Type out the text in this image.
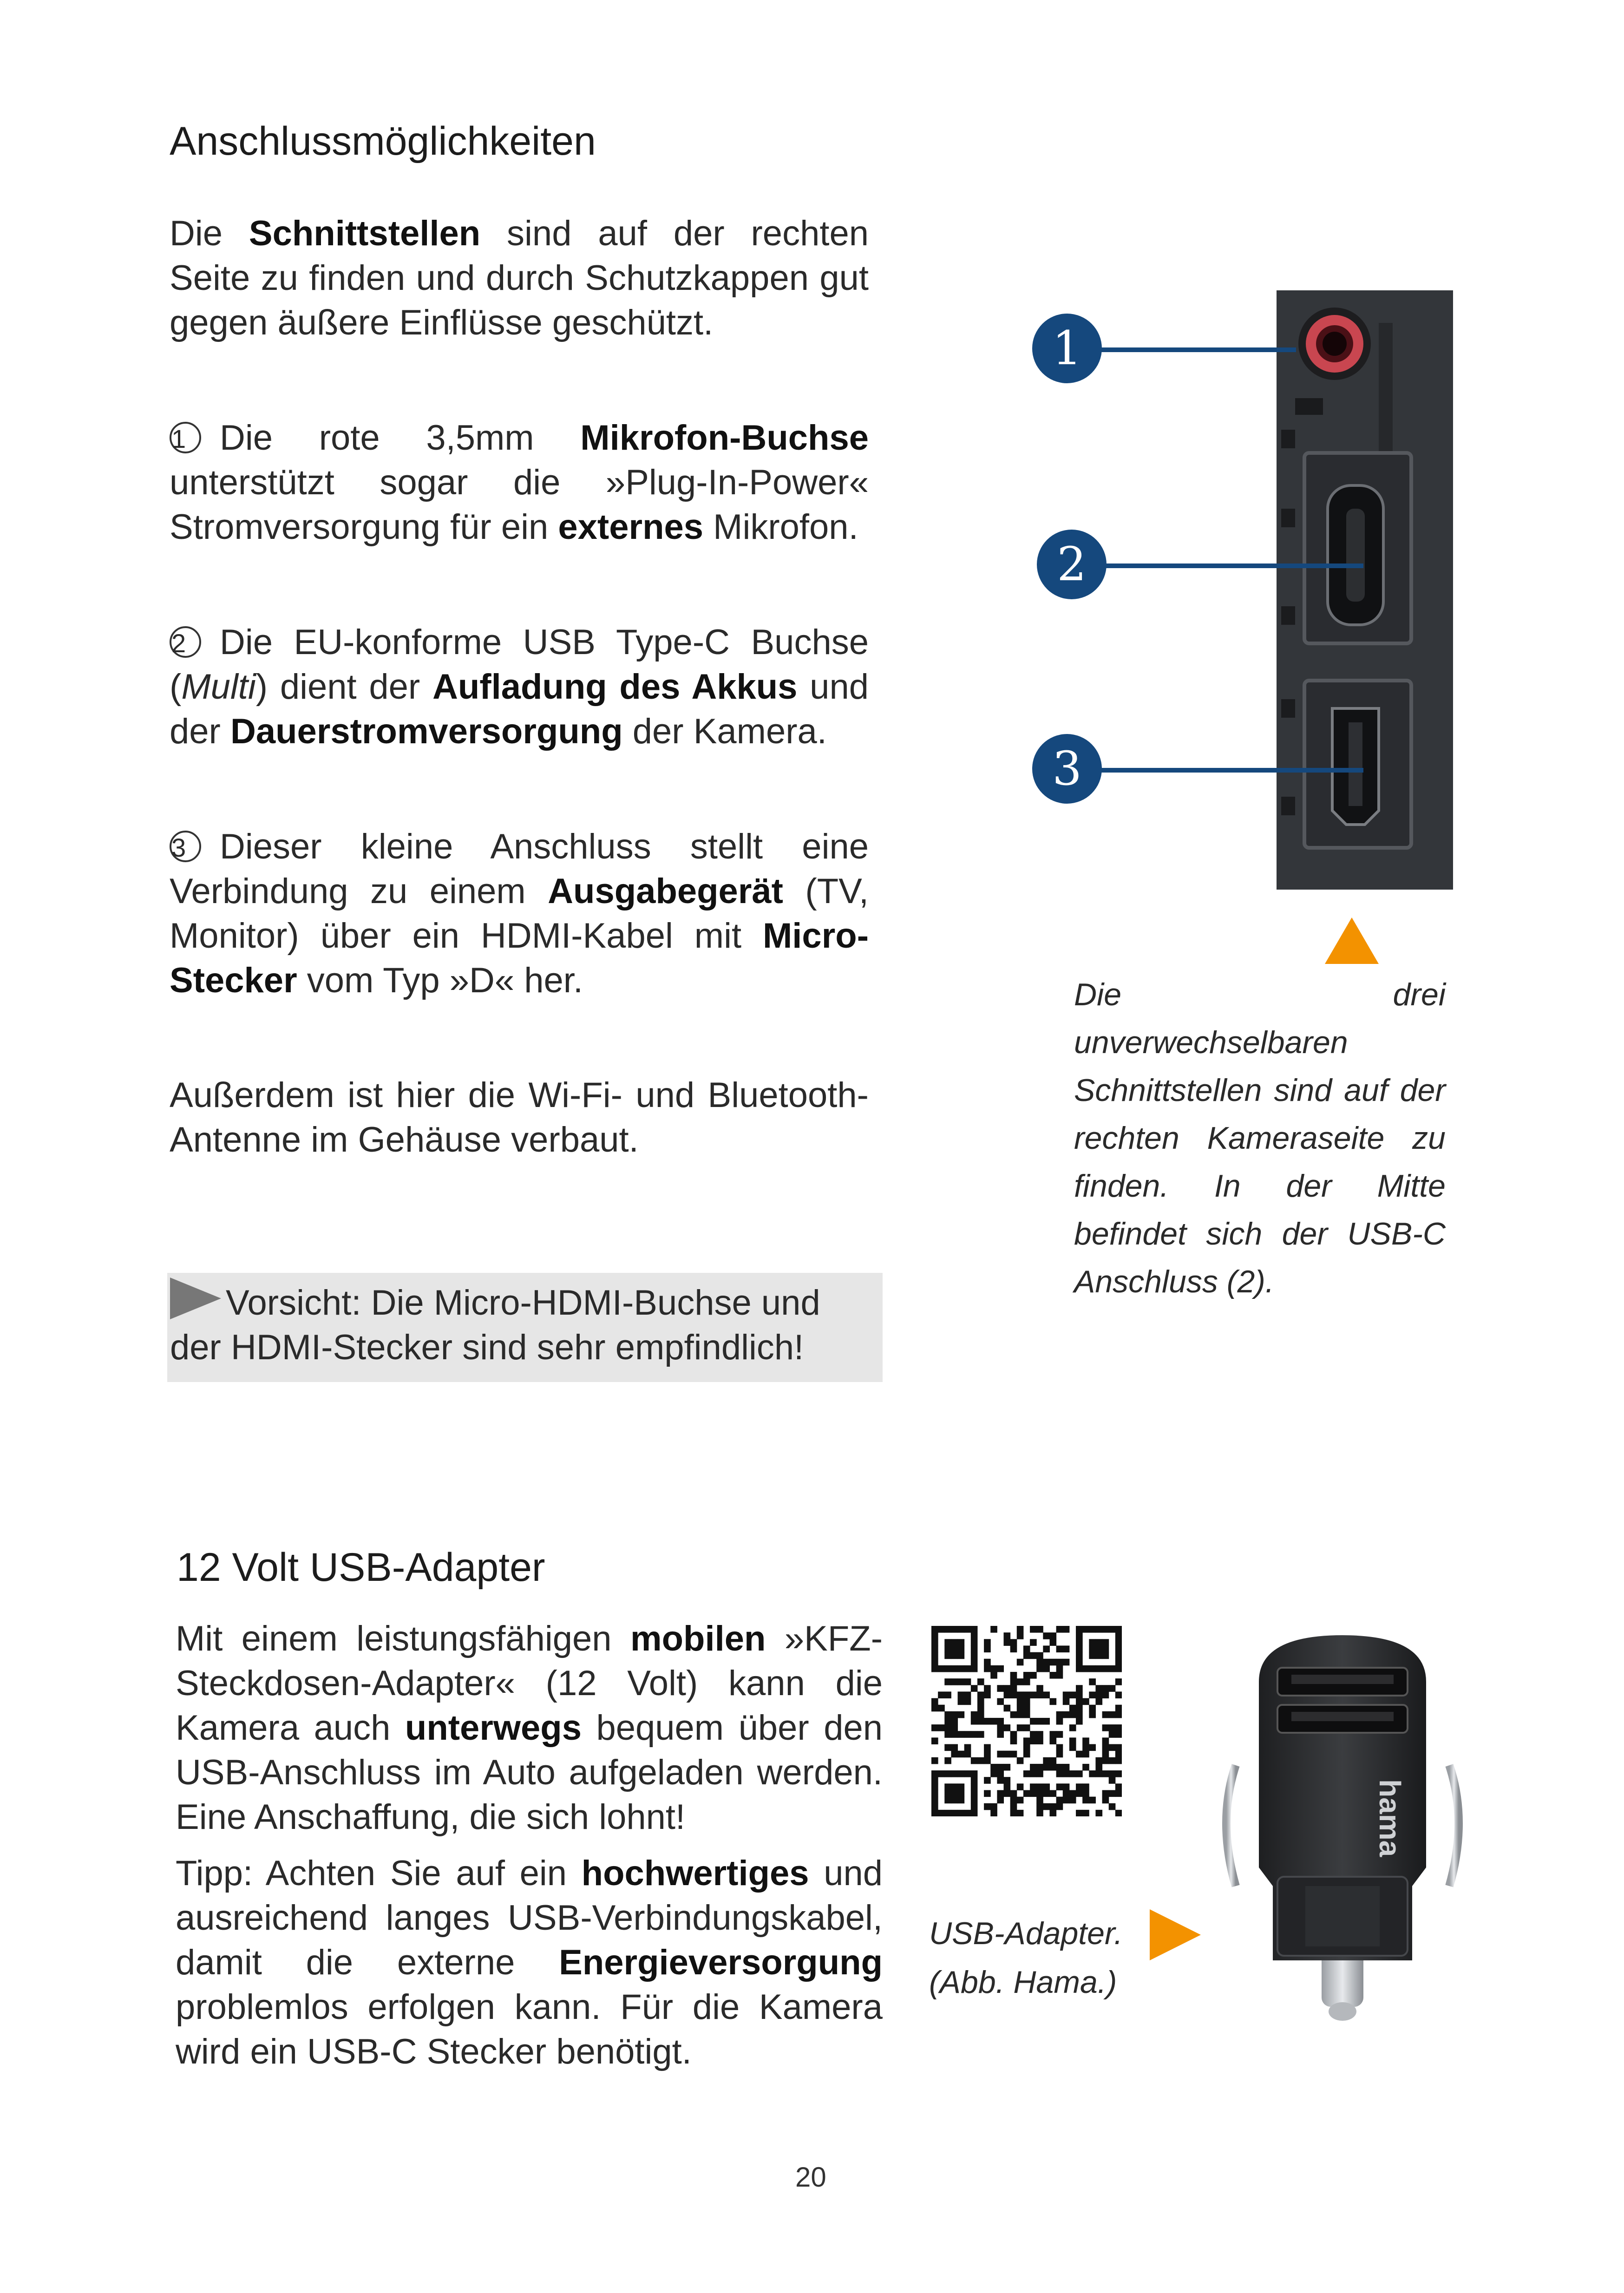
Anschlussmöglichkeiten
Die Schnittstellen sind auf der rechten Seite zu finden und durch Schutzkappen gut gegen äußere Einflüsse geschützt.
1 Die rote 3,5mm Mikrofon-Buchse unterstützt sogar die »Plug-In-Power« Stromversorgung für ein externes Mikrofon.
2 Die EU-konforme USB Type-C Buchse (Multi) dient der Aufladung des Akkus und der Dauerstromversorgung der Kamera.
3 Dieser kleine Anschluss stellt eine Verbindung zu einem Ausgabegerät (TV, Monitor) über ein HDMI-Kabel mit Micro-Stecker vom Typ »D« her.
Außerdem ist hier die Wi-Fi- und Bluetooth-Antenne im Gehäuse verbaut.
Vorsicht: Die Micro-HDMI-Buchse und der HDMI-Stecker sind sehr empfindlich!
1
2
3
Die drei unverwechselbaren Schnittstellen sind auf der rechten Kameraseite zu finden. In der Mitte befindet sich der USB-C Anschluss (2).
12 Volt USB-Adapter
Mit einem leistungsfähigen mobilen »KFZ-Steckdosen-Adapter« (12 Volt) kann die Kamera auch unterwegs bequem über den USB-Anschluss im Auto aufgeladen werden. Eine Anschaffung, die sich lohnt!
Tipp: Achten Sie auf ein hochwertiges und ausreichend langes USB-Verbindungskabel, damit die externe Energieversorgung problemlos erfolgen kann. Für die Kamera wird ein USB-C Stecker benötigt.
USB-Adapter.
(Abb. Hama.)
hama
20
